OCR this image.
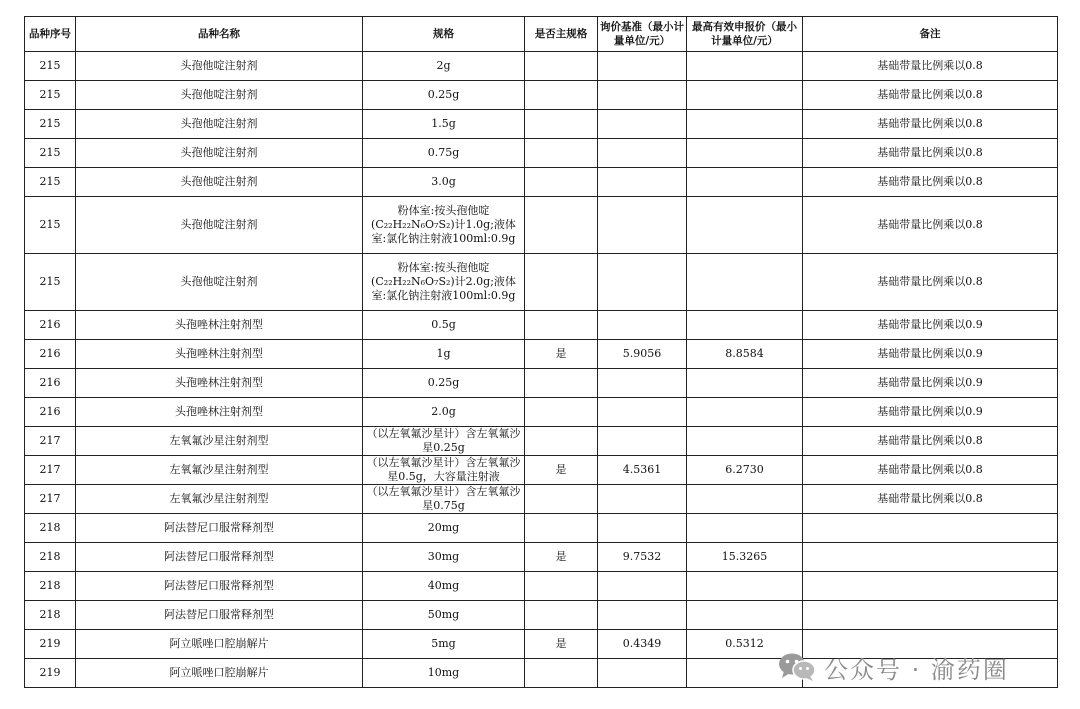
品种序号	品种名称	规格	是否主规格	询价基准（最小计量单位/元）	最高有效申报价（最小计量单位/元）	备注
215	头孢他啶注射剂	2g				基础带量比例乘以0.8
215	头孢他啶注射剂	0.25g				基础带量比例乘以0.8
215	头孢他啶注射剂	1.5g				基础带量比例乘以0.8
215	头孢他啶注射剂	0.75g				基础带量比例乘以0.8
215	头孢他啶注射剂	3.0g				基础带量比例乘以0.8
215	头孢他啶注射剂	粉体室:按头孢他啶(C₂₂H₂₂N₆O₇S₂)计1.0g;液体室:氯化钠注射液100ml:0.9g				基础带量比例乘以0.8
215	头孢他啶注射剂	粉体室:按头孢他啶(C₂₂H₂₂N₆O₇S₂)计2.0g;液体室:氯化钠注射液100ml:0.9g				基础带量比例乘以0.8
216	头孢唑林注射剂型	0.5g				基础带量比例乘以0.9
216	头孢唑林注射剂型	1g	是	5.9056	8.8584	基础带量比例乘以0.9
216	头孢唑林注射剂型	0.25g				基础带量比例乘以0.9
216	头孢唑林注射剂型	2.0g				基础带量比例乘以0.9
217	左氧氟沙星注射剂型	（以左氧氟沙星计）含左氧氟沙星0.25g				基础带量比例乘以0.8
217	左氧氟沙星注射剂型	（以左氧氟沙星计）含左氧氟沙星0.5g，大容量注射液	是	4.5361	6.2730	基础带量比例乘以0.8
217	左氧氟沙星注射剂型	（以左氧氟沙星计）含左氧氟沙星0.75g				基础带量比例乘以0.8
218	阿法替尼口服常释剂型	20mg				
218	阿法替尼口服常释剂型	30mg	是	9.7532	15.3265	
218	阿法替尼口服常释剂型	40mg				
218	阿法替尼口服常释剂型	50mg				
219	阿立哌唑口腔崩解片	5mg	是	0.4349	0.5312	
219	阿立哌唑口腔崩解片	10mg					公众号 · 渝药圈
